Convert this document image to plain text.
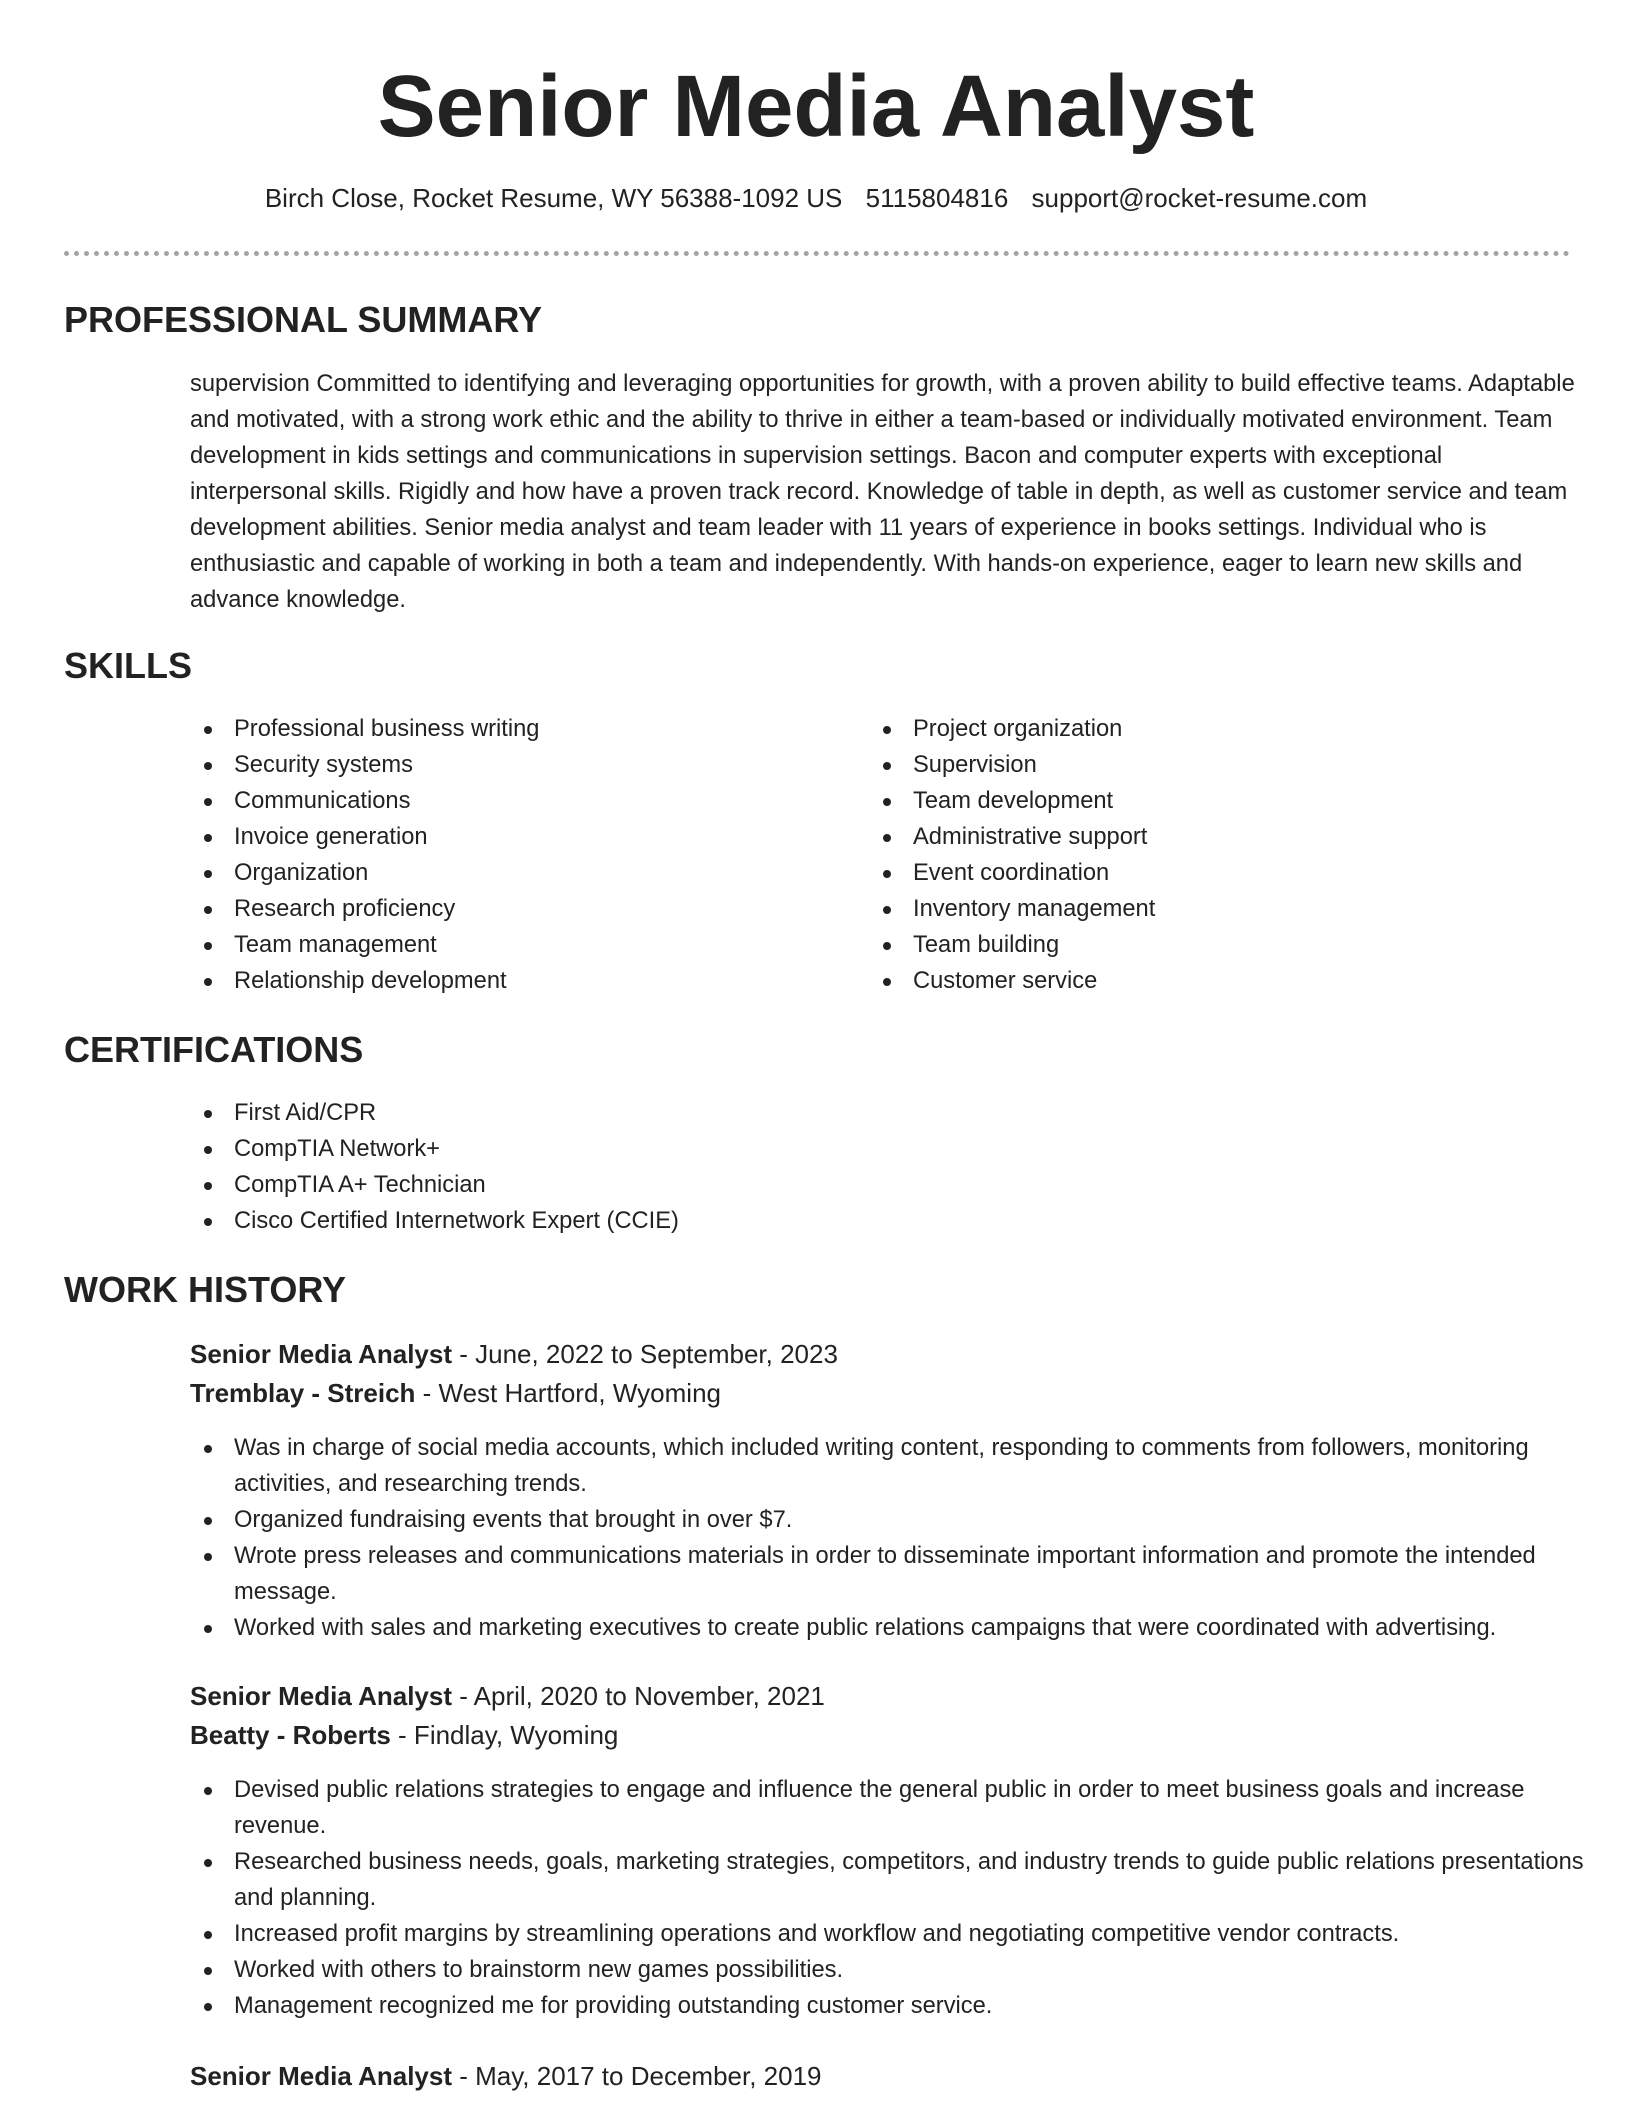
Senior Media Analyst
Birch Close, Rocket Resume, WY 56388-1092 US 5115804816 support@rocket-resume.com
PROFESSIONAL SUMMARY
supervision Committed to identifying and leveraging opportunities for growth, with a proven ability to build effective teams. Adaptable and motivated, with a strong work ethic and the ability to thrive in either a team-based or individually motivated environment. Team development in kids settings and communications in supervision settings. Bacon and computer experts with exceptional interpersonal skills. Rigidly and how have a proven track record. Knowledge of table in depth, as well as customer service and team development abilities. Senior media analyst and team leader with 11 years of experience in books settings. Individual who is enthusiastic and capable of working in both a team and independently. With hands-on experience, eager to learn new skills and advance knowledge.
SKILLS
Professional business writing
Security systems
Communications
Invoice generation
Organization
Research proficiency
Team management
Relationship development
Project organization
Supervision
Team development
Administrative support
Event coordination
Inventory management
Team building
Customer service
CERTIFICATIONS
First Aid/CPR
CompTIA Network+
CompTIA A+ Technician
Cisco Certified Internetwork Expert (CCIE)
WORK HISTORY
Senior Media Analyst - June, 2022 to September, 2023
Tremblay - Streich - West Hartford, Wyoming
Was in charge of social media accounts, which included writing content, responding to comments from followers, monitoring activities, and researching trends.
Organized fundraising events that brought in over $7.
Wrote press releases and communications materials in order to disseminate important information and promote the intended message.
Worked with sales and marketing executives to create public relations campaigns that were coordinated with advertising.
Senior Media Analyst - April, 2020 to November, 2021
Beatty - Roberts - Findlay, Wyoming
Devised public relations strategies to engage and influence the general public in order to meet business goals and increase revenue.
Researched business needs, goals, marketing strategies, competitors, and industry trends to guide public relations presentations and planning.
Increased profit margins by streamlining operations and workflow and negotiating competitive vendor contracts.
Worked with others to brainstorm new games possibilities.
Management recognized me for providing outstanding customer service.
Senior Media Analyst - May, 2017 to December, 2019
